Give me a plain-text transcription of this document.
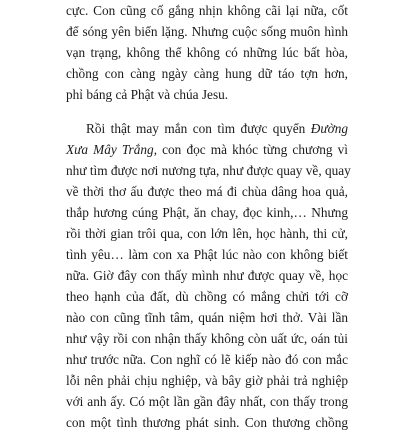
cực. Con cũng cố gắng nhịn không cãi lại nữa, cốt
để sóng yên biển lặng. Nhưng cuộc sống muôn hình
vạn trạng, không thể không có những lúc bất hòa,
chồng con càng ngày càng hung dữ táo tợn hơn,
phỉ báng cả Phật và chúa Jesu.

Rồi thật may mắn con tìm được quyển Đường
Xưa Mây Trắng, con đọc mà khóc từng chương vì
như tìm được nơi nương tựa, như được quay về, quay
về thời thơ ấu được theo má đi chùa dâng hoa quả,
thắp hương cúng Phật, ăn chay, đọc kinh,… Nhưng
rồi thời gian trôi qua, con lớn lên, học hành, thi cử,
tình yêu… làm con xa Phật lúc nào con không biết
nữa. Giờ đây con thấy mình như được quay về, học
theo hạnh của đất, dù chồng có mắng chửi tới cỡ
nào con cũng tĩnh tâm, quán niệm hơi thở. Vài lần
như vậy rồi con nhận thấy không còn uất ức, oán tủi
như trước nữa. Con nghĩ có lẽ kiếp nào đó con mắc
lỗi nên phải chịu nghiệp, và bây giờ phải trả nghiệp
với anh ấy. Có một lần gần đây nhất, con thấy trong
con một tình thương phát sinh. Con thương chồng
